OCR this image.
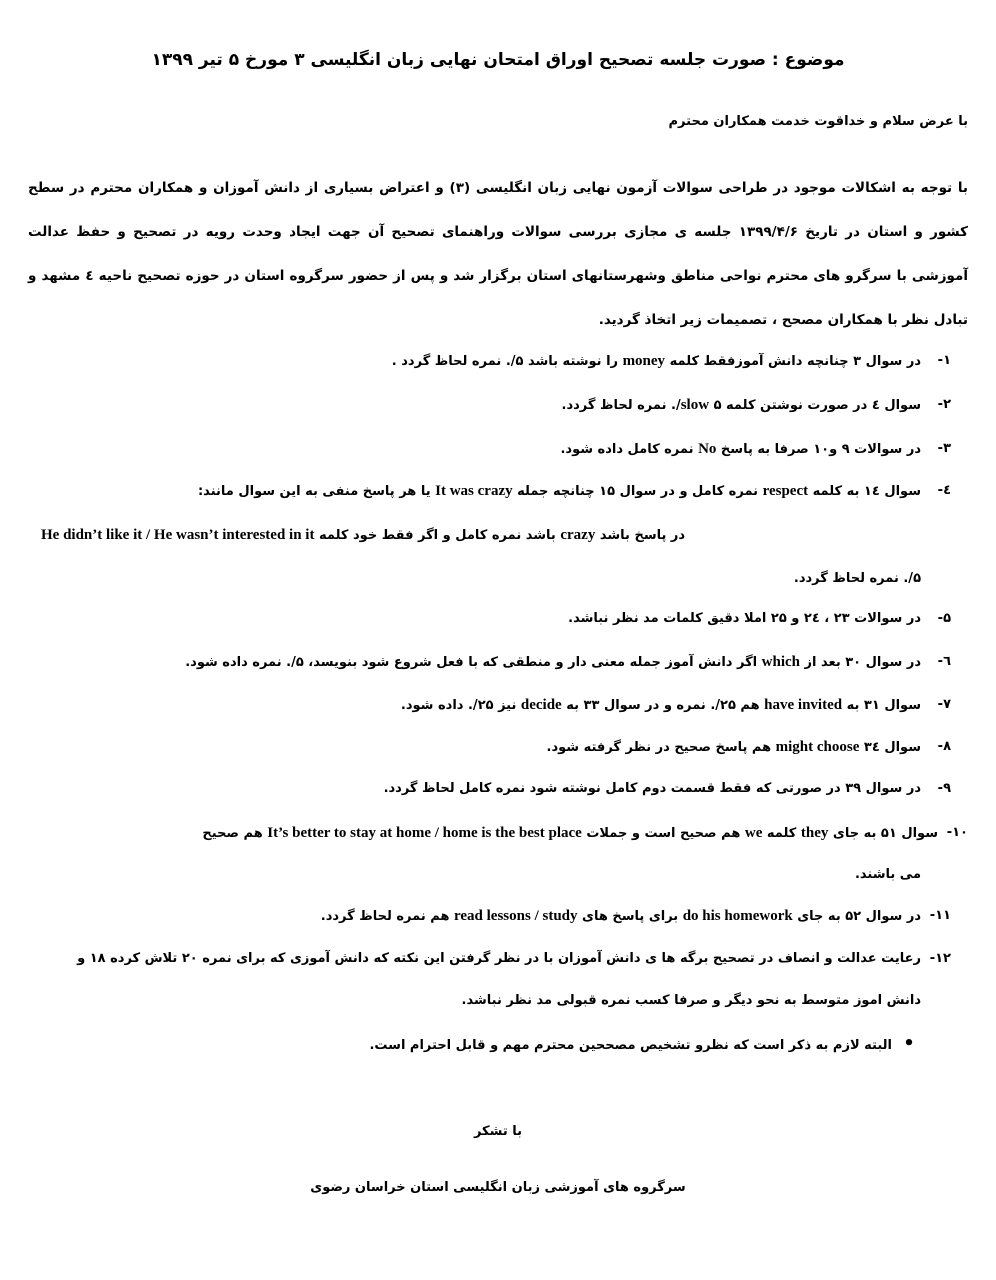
موضوع : صورت جلسه تصحیح اوراق امتحان نهایی زبان انگلیسی ۳ مورخ ۵ تیر ۱۳۹۹
با عرض سلام و خداقوت خدمت همکاران محترم
با توجه به اشکالات موجود در طراحی سوالات آزمون نهایی زبان انگلیسی (۳) و اعتراض بسیاری از دانش آموزان و همکاران محترم در سطح کشور و استان در تاریخ ۱۳۹۹/۴/۶ جلسه ی مجازی بررسی سوالات وراهنمای تصحیح آن جهت ایجاد وحدت رویه در تصحیح و حفظ عدالت آموزشی با سرگرو های محترم نواحی مناطق وشهرستانهای استان برگزار شد و پس از حضور سرگروه استان در حوزه تصحیح ناحیه ٤ مشهد و تبادل نظر با همکاران مصحح ، تصمیمات زیر اتخاذ گردید.
۱-
در سوال ۳ چنانچه دانش آموزفقط کلمه money را نوشته باشد ۵/. نمره لحاظ گردد .
۲-
سوال ٤ در صورت نوشتن کلمه slow ۵/. نمره لحاظ گردد.
۳-
در سوالات ۹ و۱۰ صرفا به پاسخ No نمره کامل داده شود.
٤-
سوال ۱٤ به کلمه respect نمره کامل و در سوال ۱۵ چنانچه جمله It was crazy یا هر پاسخ منفی به این سوال مانند:
He didn’t like it / He wasn’t interested in it باشد نمره کامل و اگر فقط خود کلمه crazy در پاسخ باشد
۵/. نمره لحاظ گردد.
۵-
در سوالات ۲۳ ، ۲٤ و ۲۵ املا دقیق کلمات مد نظر نباشد.
٦-
در سوال ۳۰ بعد از which اگر دانش آموز جمله معنی دار و منطقی که با فعل شروع شود بنویسد، ۵/. نمره داده شود.
۷-
سوال ۳۱ به have invited هم ۲۵/. نمره و در سوال ۳۳ به decide نیز ۲۵/. داده شود.
۸-
سوال ۳٤ might choose هم پاسخ صحیح در نظر گرفته شود.
۹-
در سوال ۳۹ در صورتی که فقط قسمت دوم کامل نوشته شود نمره کامل لحاظ گردد.
۱۰-
سوال ۵۱ به جای they کلمه we هم صحیح است و جملات It’s better to stay at home / home is the best place هم صحیح
می باشند.
۱۱-
در سوال ۵۲ به جای do his homework برای پاسخ های read lessons / study هم نمره لحاظ گردد.
۱۲-
رعایت عدالت و انصاف در تصحیح برگه ها ی دانش آموزان با در نظر گرفتن این نکته که دانش آموزی که برای نمره ۲۰ تلاش کرده ۱۸ و
دانش اموز متوسط به نحو دیگر و صرفا کسب نمره قبولی مد نظر نباشد.
•البته لازم به ذکر است که نظرو تشخیص مصححین محترم مهم و قابل احترام است.
با تشکر
سرگروه های آموزشی زبان انگلیسی استان خراسان رضوی
